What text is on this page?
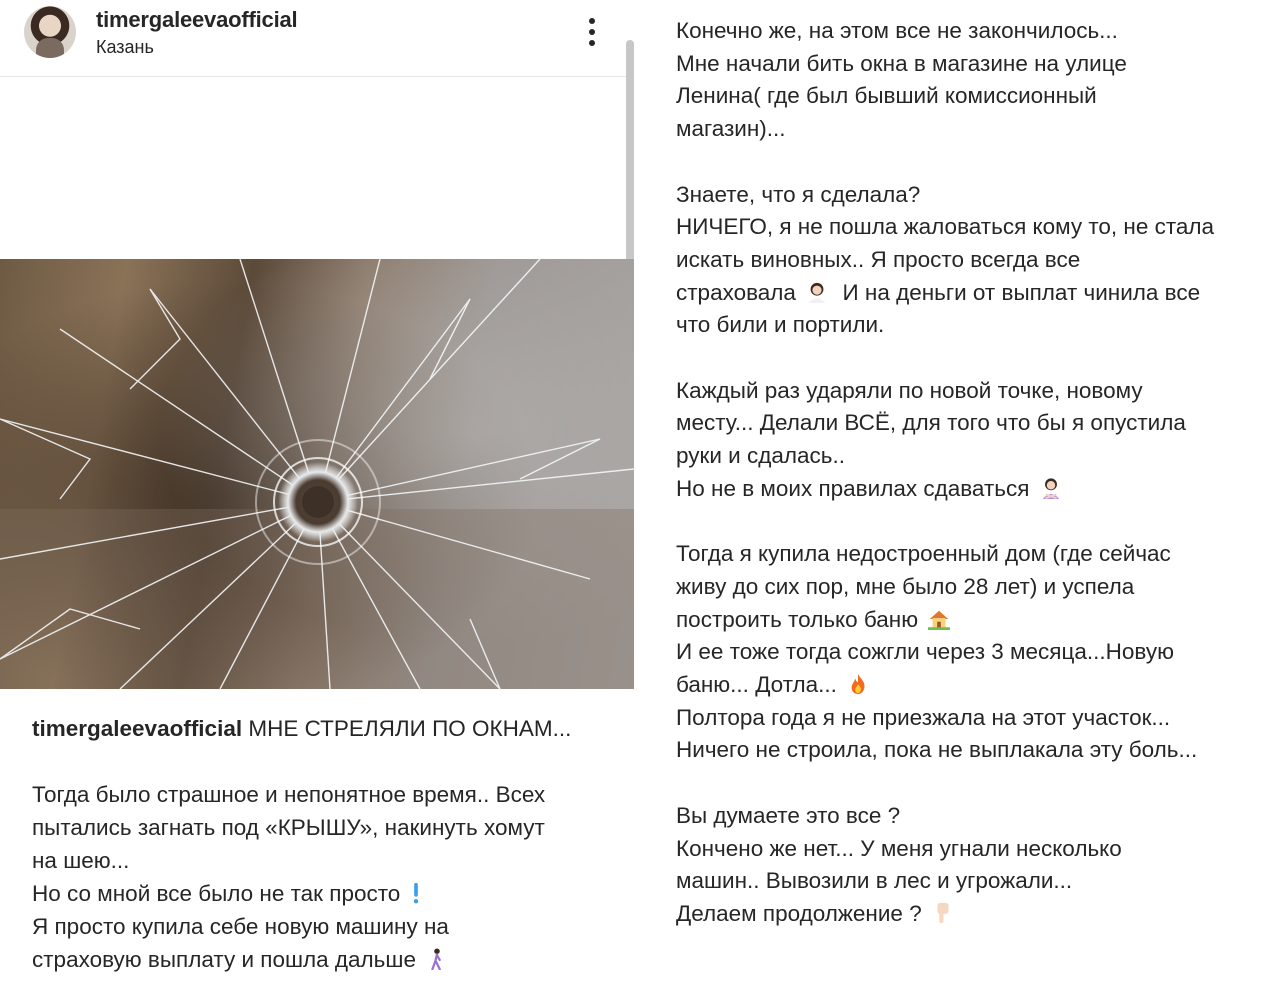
timergaleevaofficial
Казань
timergaleevaofficial МНЕ СТРЕЛЯЛИ ПО ОКНАМ...
Тогда было страшное и непонятное время.. Всех
пытались загнать под «КРЫШУ», накинуть хомут
на шею...
Но со мной все было не так просто
Я просто купила себе новую машину на
страховую выплату и пошла дальше
Конечно же, на этом все не закончилось...
Мне начали бить окна в магазине на улице
Ленина( где был бывший комиссионный
магазин)...
Знаете, что я сделала?
НИЧЕГО, я не пошла жаловаться кому то, не стала
искать виновных.. Я просто всегда все
страховала И на деньги от выплат чинила все
что били и портили.
Каждый раз ударяли по новой точке, новому
месту... Делали ВСЁ, для того что бы я опустила
руки и сдалась..
Но не в моих правилах сдаваться
Тогда я купила недостроенный дом (где сейчас
живу до сих пор, мне было 28 лет) и успела
построить только баню
И ее тоже тогда сожгли через 3 месяца...Новую
баню... Дотла...
Полтора года я не приезжала на этот участок...
Ничего не строила, пока не выплакала эту боль...
Вы думаете это все ?
Кончено же нет... У меня угнали несколько
машин.. Вывозили в лес и угрожали...
Делаем продолжение ?
